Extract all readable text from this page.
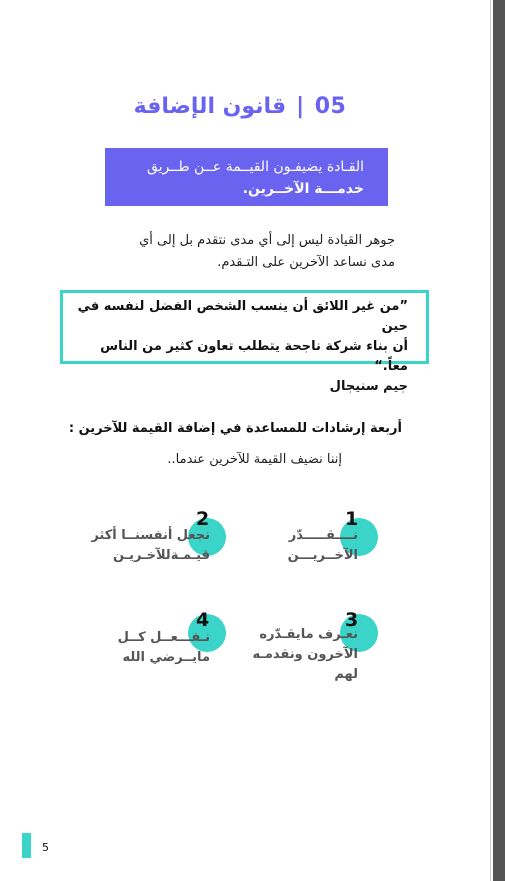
05|قانون الإضافة
القـادة يضيفـون القيــمة عــن طــريق
خدمـــة الآخــرين.
جوهر القيادة ليس إلى أي مدى نتقدم بل إلى أي
مدى نساعد الآخرين على التـقدم.
”من غير اللائق أن ينسب الشخص الفضل لنفسه في حين
أن بناء شركة ناجحة يتطلب تعاون كثير من الناس معاً.“
جيم سنيجال
أربعة إرشادات للمساعدة في إضافة القيمة للآخرين :
إننا نضيف القيمة للآخرين عندما..
1
نــــقـــــدّر
الآخــريـــن
2
نجعل أنفسنــا أكثر
قيـمـةللآخـريـن
3
نعـرف مايقـدّره
الآخرون ونقدمـه
لهم
4
نـفـــعــل كــل
مايــرضي الله
5
